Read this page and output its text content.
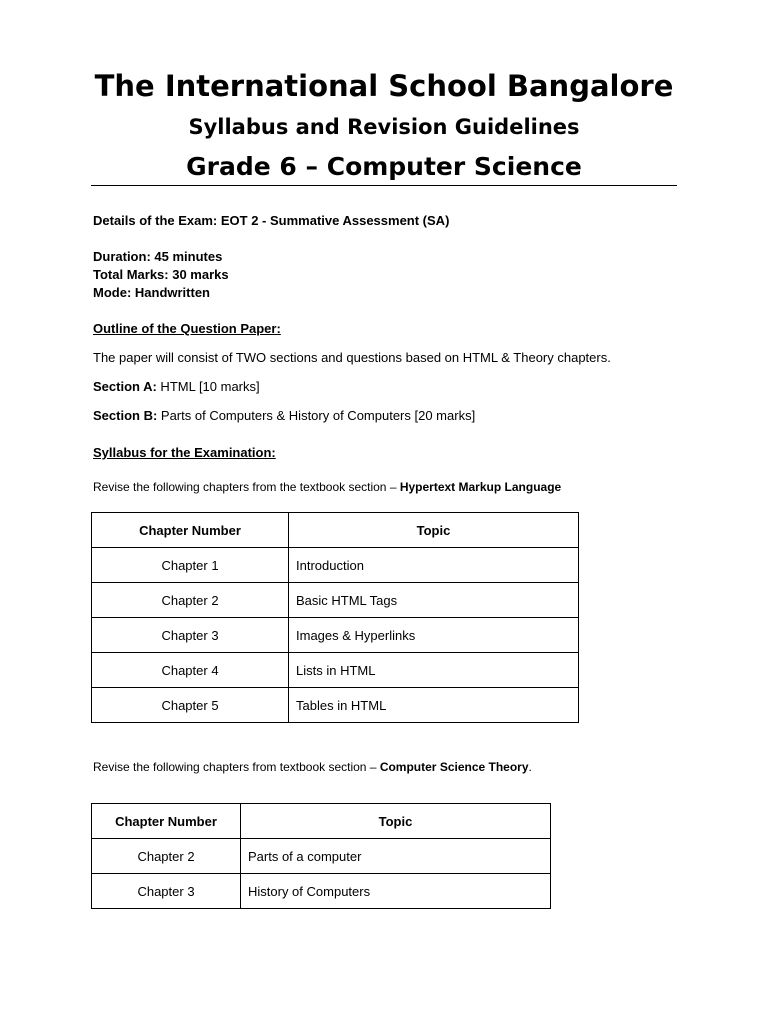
The International School Bangalore
Syllabus and Revision Guidelines
Grade 6 – Computer Science
Details of the Exam: EOT 2 - Summative Assessment (SA)
Duration: 45 minutes
Total Marks: 30 marks
Mode: Handwritten
Outline of the Question Paper:
The paper will consist of TWO sections and questions based on HTML & Theory chapters.
Section A: HTML [10 marks]
Section B: Parts of Computers & History of Computers [20 marks]
Syllabus for the Examination:
Revise the following chapters from the textbook section – Hypertext Markup Language
Chapter Number	Topic
Chapter 1	Introduction
Chapter 2	Basic HTML Tags
Chapter 3	Images & Hyperlinks
Chapter 4	Lists in HTML
Chapter 5	Tables in HTML
Revise the following chapters from textbook section – Computer Science Theory.
Chapter Number	Topic
Chapter 2	Parts of a computer
Chapter 3	History of Computers
